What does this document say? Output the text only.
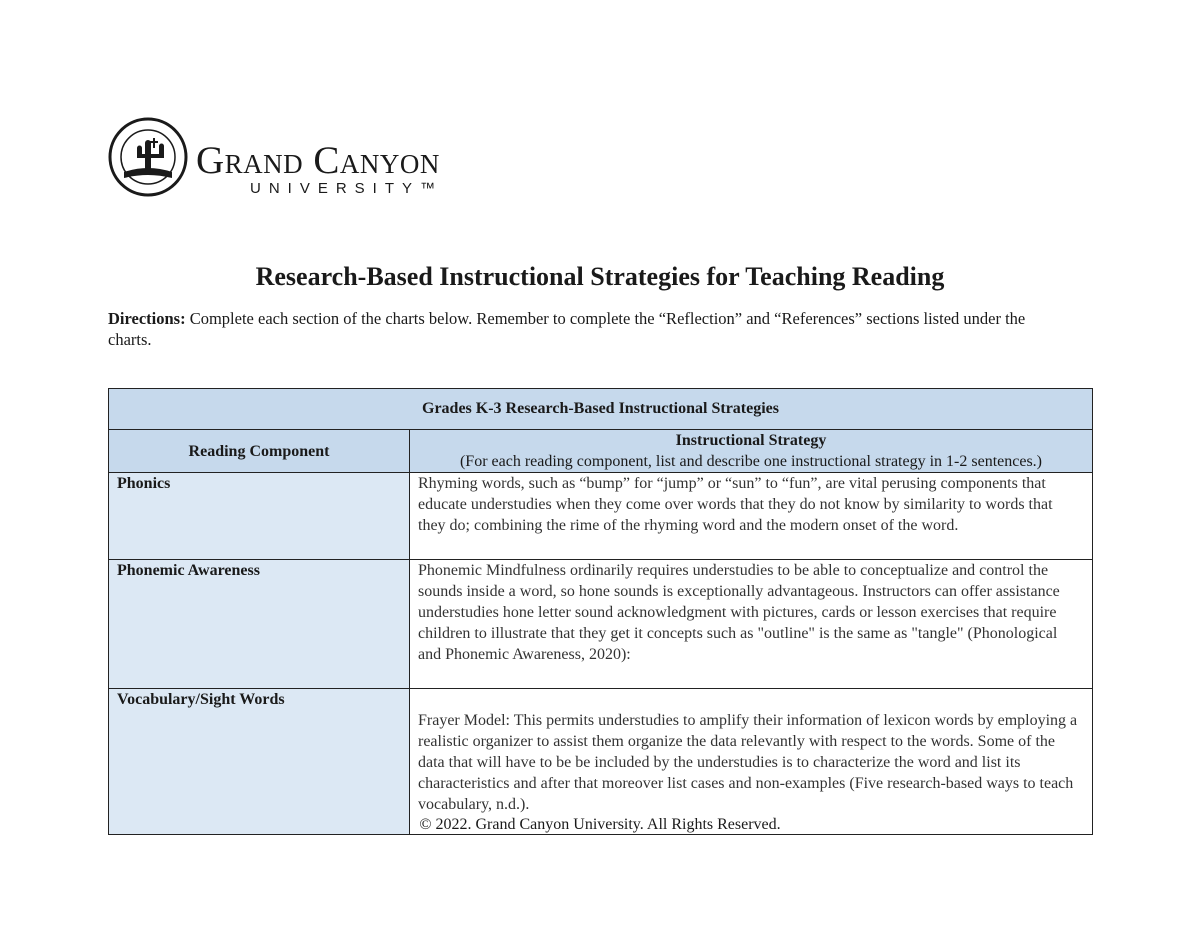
Grand Canyon
UNIVERSITY™
Research-Based Instructional Strategies for Teaching Reading
Directions: Complete each section of the charts below. Remember to complete the “Reflection” and “References” sections listed under the charts.
Grades K-3 Research-Based Instructional Strategies	
Reading Component	Instructional Strategy
(For each reading component, list and describe one instructional strategy in 1-2 sentences.)

Phonics	Rhyming words, such as “bump” for “jump” or “sun” to “fun”, are vital perusing components that educate understudies when they come over words that they do not know by similarity to words that they do; combining the rime of the rhyming word and the modern onset of the word.
Phonemic Awareness	Phonemic Mindfulness ordinarily requires understudies to be able to conceptualize and control the sounds inside a word, so hone sounds is exceptionally advantageous. Instructors can offer assistance understudies hone letter sound acknowledgment with pictures, cards or lesson exercises that require children to illustrate that they get it concepts such as "outline" is the same as "tangle" (Phonological and Phonemic Awareness, 2020):
Vocabulary/Sight Words	Frayer Model: This permits understudies to amplify their information of lexicon words by employing a realistic organizer to assist them organize the data relevantly with respect to the words. Some of the data that will have to be be included by the understudies is to characterize the word and list its characteristics and after that moreover list cases and non-examples (Five research-based ways to teach vocabulary, n.d.).
© 2022. Grand Canyon University. All Rights Reserved.
